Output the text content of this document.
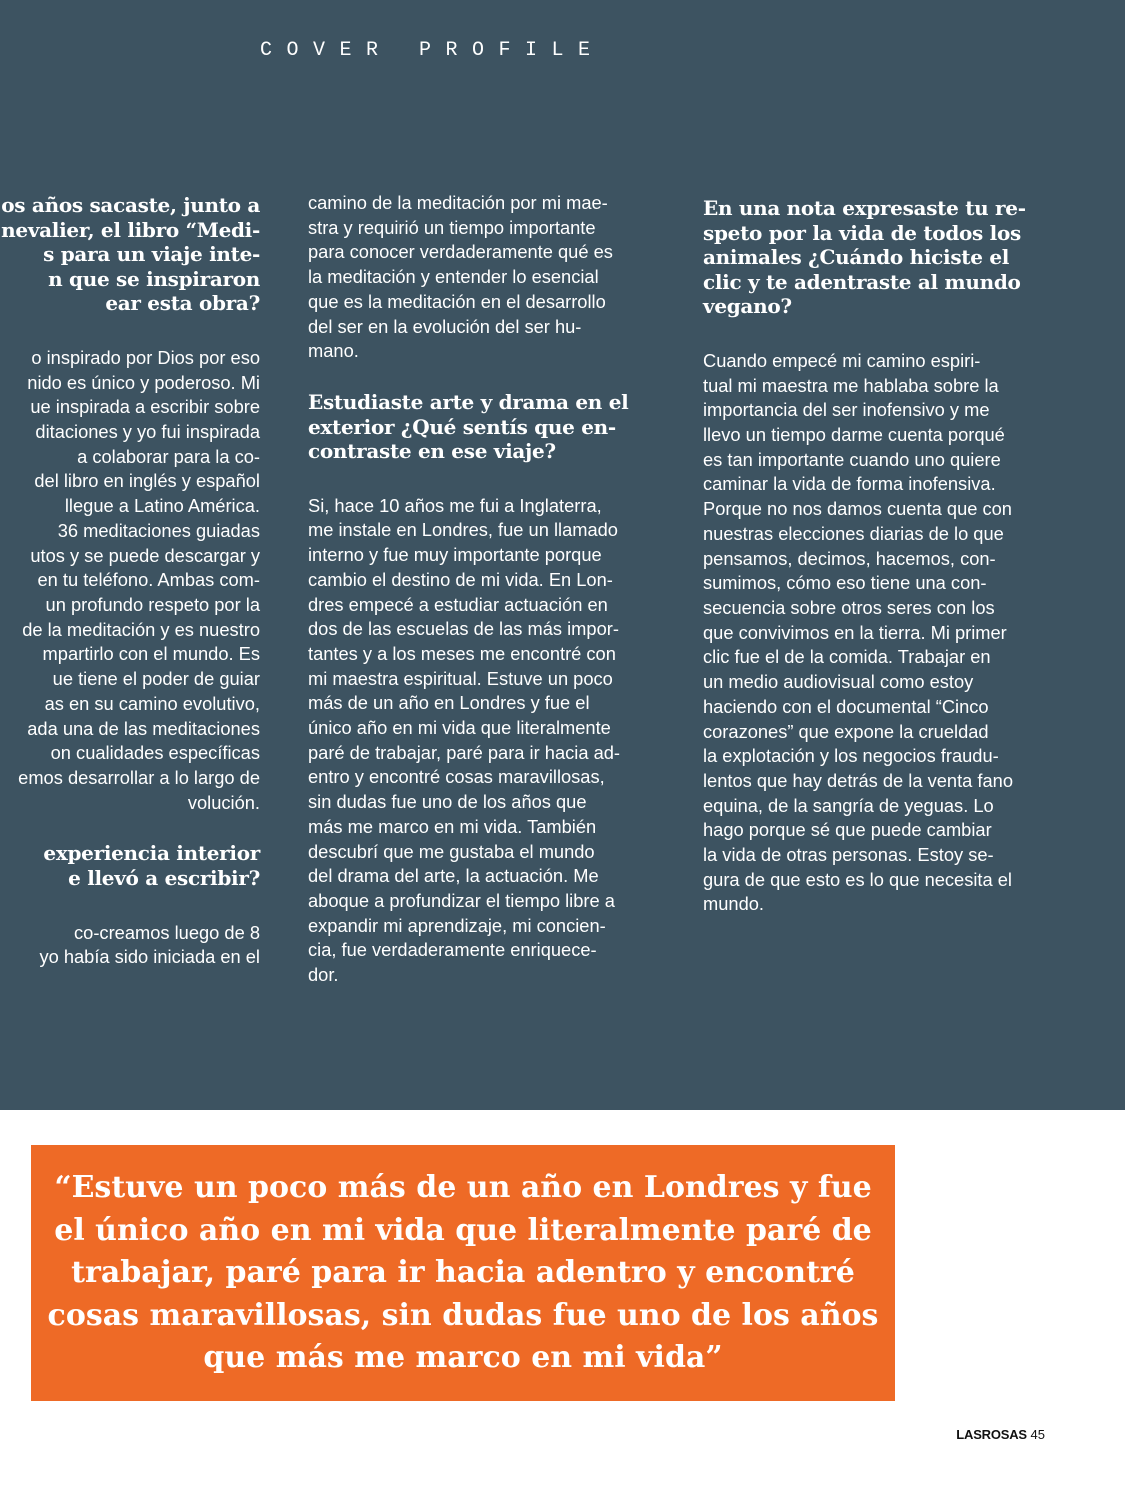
COVER PROFILE
os años sacaste, junto a
nevalier, el libro “Medi-
s para un viaje inte-
n que se inspiraron
ear esta obra?
o inspirado por Dios por eso
nido es único y poderoso. Mi
ue inspirada a escribir sobre
ditaciones y yo fui inspirada
a colaborar para la co-
del libro en inglés y español
llegue a Latino América.
36 meditaciones guiadas
utos y se puede descargar y
en tu teléfono. Ambas com-
un profundo respeto por la
de la meditación y es nuestro
mpartirlo con el mundo. Es
ue tiene el poder de guiar
as en su camino evolutivo,
ada una de las meditaciones
on cualidades específicas
emos desarrollar a lo largo de
volución.
experiencia interior
e llevó a escribir?
co-creamos luego de 8
yo había sido iniciada en el
camino de la meditación por mi mae-
stra y requirió un tiempo importante
para conocer verdaderamente qué es
la meditación y entender lo esencial
que es la meditación en el desarrollo
del ser en la evolución del ser hu-
mano.
Estudiaste arte y drama en el
exterior ¿Qué sentís que en-
contraste en ese viaje?
Si, hace 10 años me fui a Inglaterra,
me instale en Londres, fue un llamado
interno y fue muy importante porque
cambio el destino de mi vida. En Lon-
dres empecé a estudiar actuación en
dos de las escuelas de las más impor-
tantes y a los meses me encontré con
mi maestra espiritual. Estuve un poco
más de un año en Londres y fue el
único año en mi vida que literalmente
paré de trabajar, paré para ir hacia ad-
entro y encontré cosas maravillosas,
sin dudas fue uno de los años que
más me marco en mi vida. También
descubrí que me gustaba el mundo
del drama del arte, la actuación. Me
aboque a profundizar el tiempo libre a
expandir mi aprendizaje, mi concien-
cia, fue verdaderamente enriquece-
dor.
En una nota expresaste tu re-
speto por la vida de todos los
animales ¿Cuándo hiciste el
clic y te adentraste al mundo
vegano?
Cuando empecé mi camino espiri-
tual mi maestra me hablaba sobre la
importancia del ser inofensivo y me
llevo un tiempo darme cuenta porqué
es tan importante cuando uno quiere
caminar la vida de forma inofensiva.
Porque no nos damos cuenta que con
nuestras elecciones diarias de lo que
pensamos, decimos, hacemos, con-
sumimos, cómo eso tiene una con-
secuencia sobre otros seres con los
que convivimos en la tierra. Mi primer
clic fue el de la comida. Trabajar en
un medio audiovisual como estoy
haciendo con el documental “Cinco
corazones” que expone la crueldad
la explotación y los negocios fraudu-
lentos que hay detrás de la venta fano
equina, de la sangría de yeguas. Lo
hago porque sé que puede cambiar
la vida de otras personas. Estoy se-
gura de que esto es lo que necesita el
mundo.
“Estuve un poco más de un año en Londres y fue
el único año en mi vida que literalmente paré de
trabajar, paré para ir hacia adentro y encontré
cosas maravillosas, sin dudas fue uno de los años
que más me marco en mi vida”
LASROSAS 45
